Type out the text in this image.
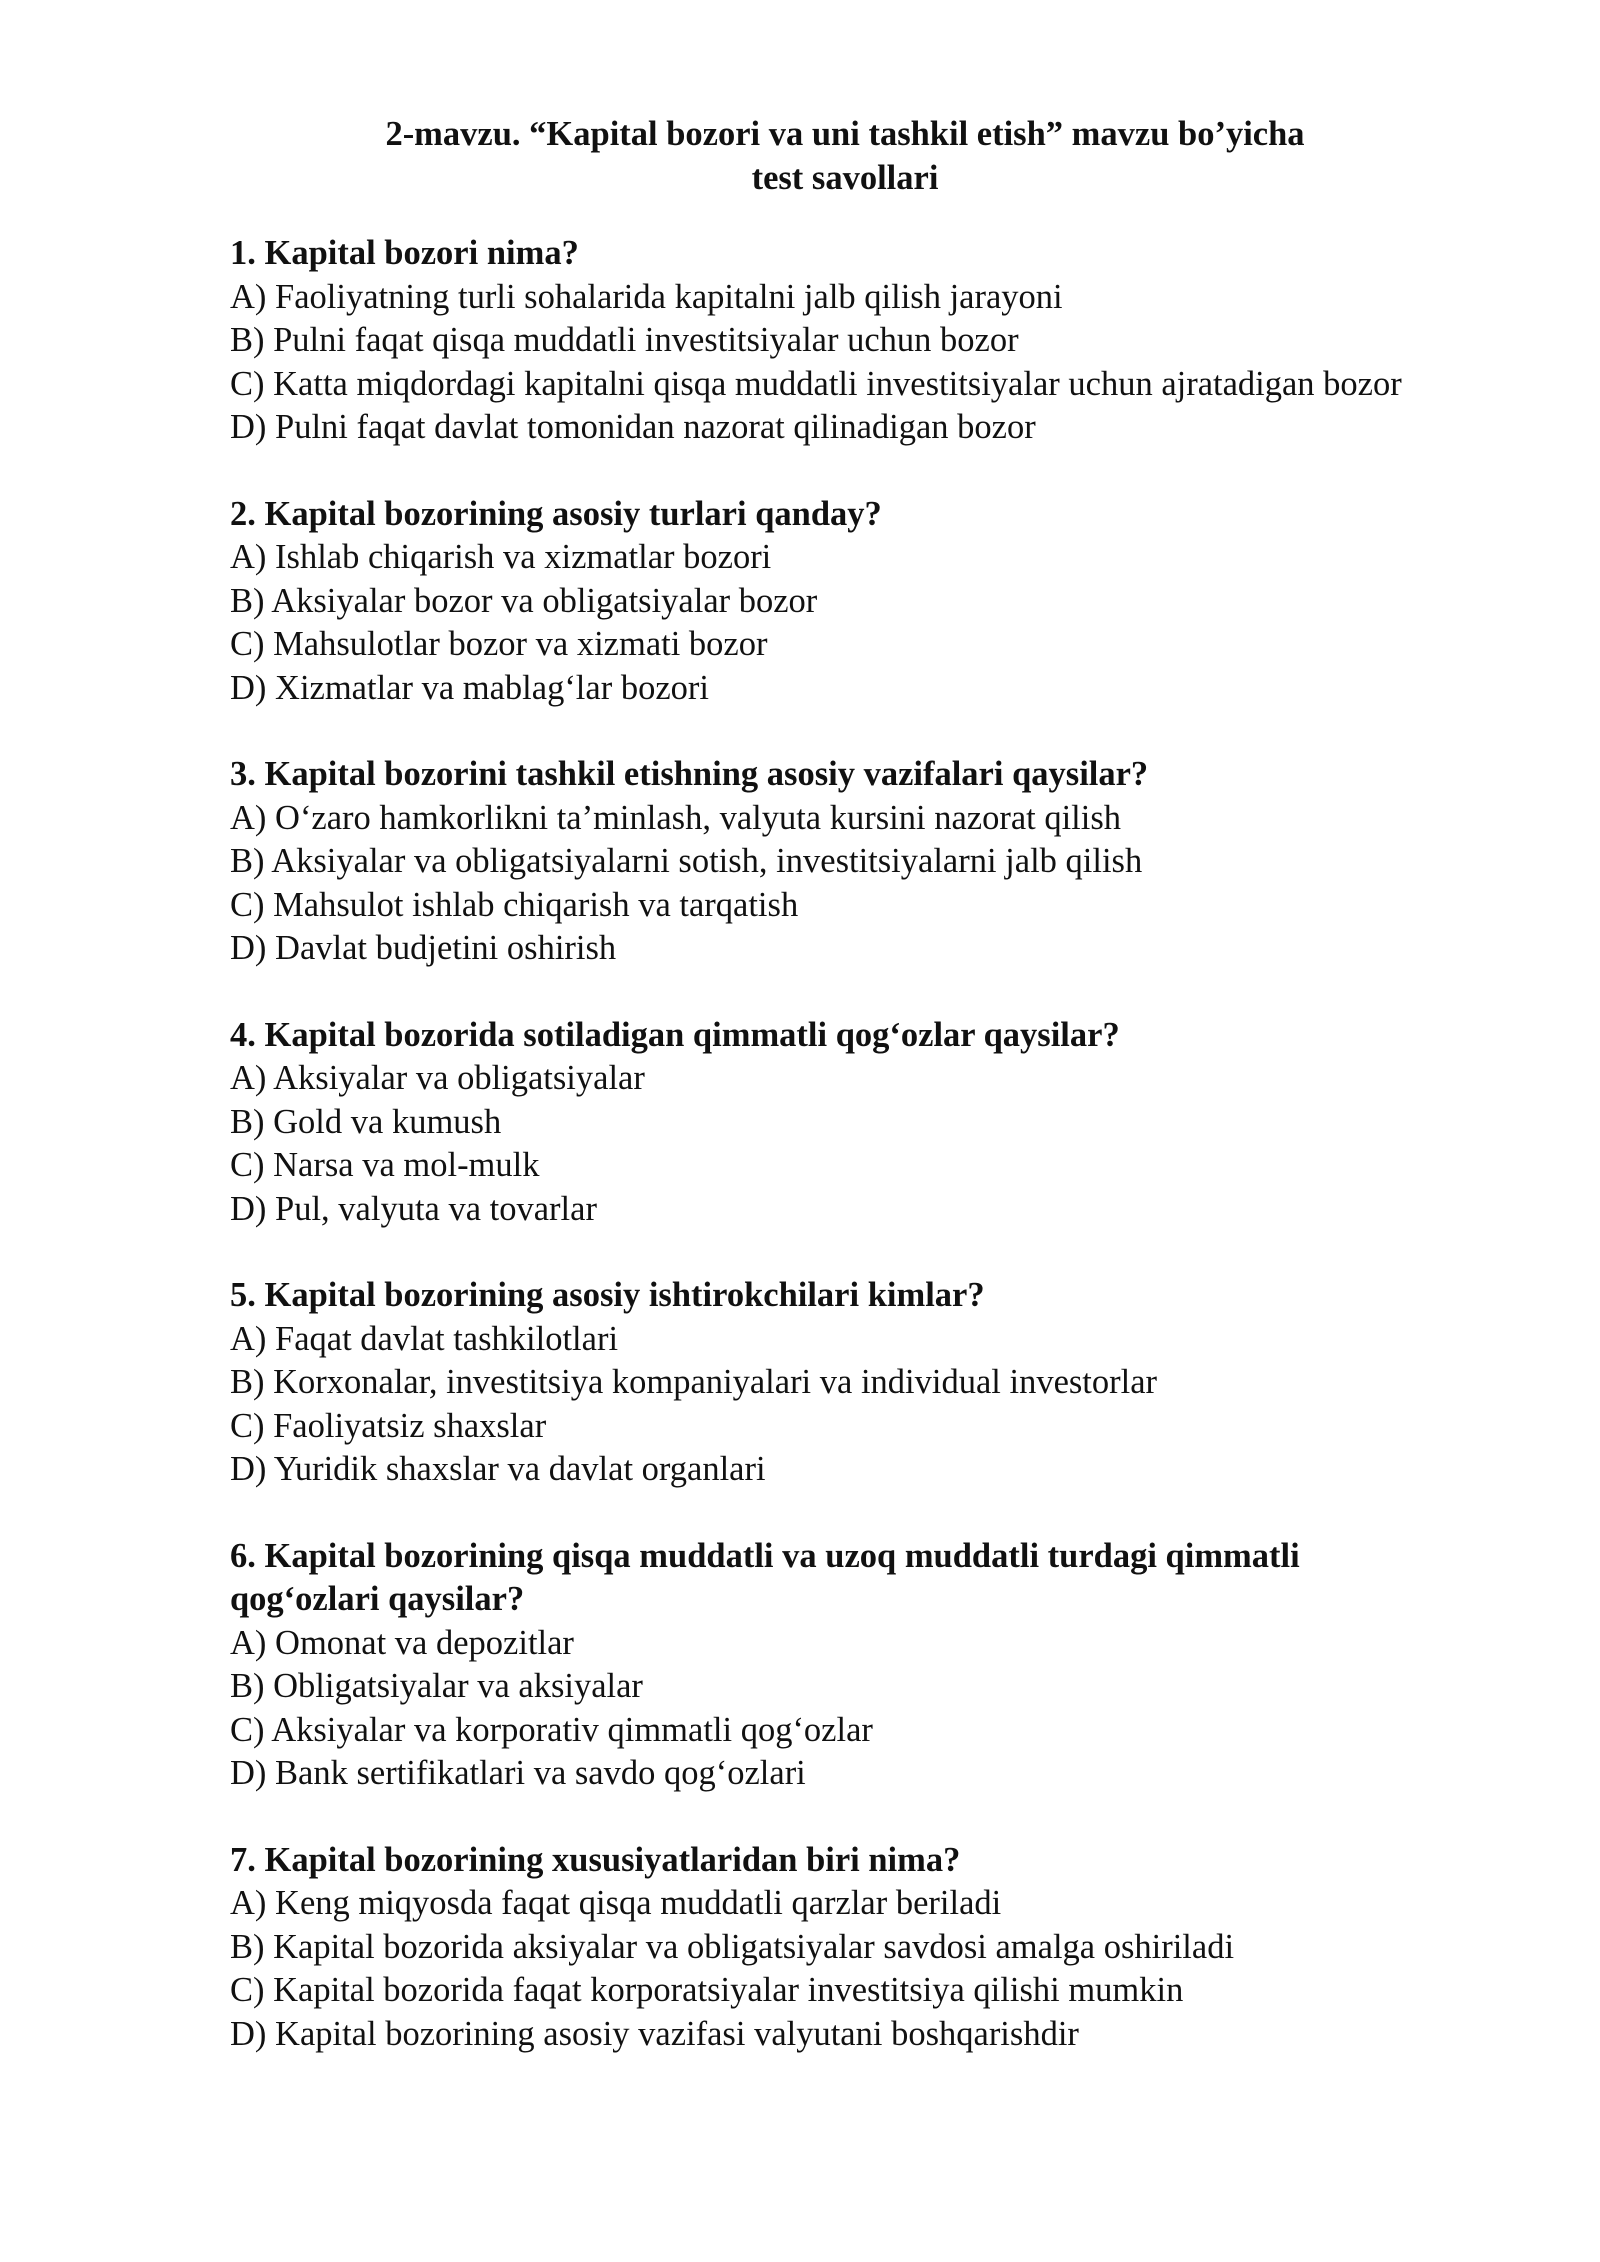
2-mavzu. “Kapital bozori va uni tashkil etish” mavzu bo’yicha
test savollari

1. Kapital bozori nima?

A) Faoliyatning turli sohalarida kapitalni jalb qilish jarayoni
B) Pulni faqat qisqa muddatli investitsiyalar uchun bozor
C) Katta miqdordagi kapitalni qisqa muddatli investitsiyalar uchun ajratadigan bozor
D) Pulni faqat davlat tomonidan nazorat qilinadigan bozor

2. Kapital bozorining asosiy turlari qanday?

A) Ishlab chiqarish va xizmatlar bozori
B) Aksiyalar bozor va obligatsiyalar bozor
C) Mahsulotlar bozor va xizmati bozor
D) Xizmatlar va mablag‘lar bozori

3. Kapital bozorini tashkil etishning asosiy vazifalari qaysilar?

A) O‘zaro hamkorlikni ta’minlash, valyuta kursini nazorat qilish
B) Aksiyalar va obligatsiyalarni sotish, investitsiyalarni jalb qilish
C) Mahsulot ishlab chiqarish va tarqatish
D) Davlat budjetini oshirish

4. Kapital bozorida sotiladigan qimmatli qog‘ozlar qaysilar?

A) Aksiyalar va obligatsiyalar
B) Gold va kumush
C) Narsa va mol-mulk
D) Pul, valyuta va tovarlar

5. Kapital bozorining asosiy ishtirokchilari kimlar?

A) Faqat davlat tashkilotlari
B) Korxonalar, investitsiya kompaniyalari va individual investorlar
C) Faoliyatsiz shaxslar
D) Yuridik shaxslar va davlat organlari

6. Kapital bozorining qisqa muddatli va uzoq muddatli turdagi qimmatli qog‘ozlari qaysilar?

A) Omonat va depozitlar
B) Obligatsiyalar va aksiyalar
C) Aksiyalar va korporativ qimmatli qog‘ozlar
D) Bank sertifikatlari va savdo qog‘ozlari

7. Kapital bozorining xususiyatlaridan biri nima?

A) Keng miqyosda faqat qisqa muddatli qarzlar beriladi
B) Kapital bozorida aksiyalar va obligatsiyalar savdosi amalga oshiriladi
C) Kapital bozorida faqat korporatsiyalar investitsiya qilishi mumkin
D) Kapital bozorining asosiy vazifasi valyutani boshqarishdir
